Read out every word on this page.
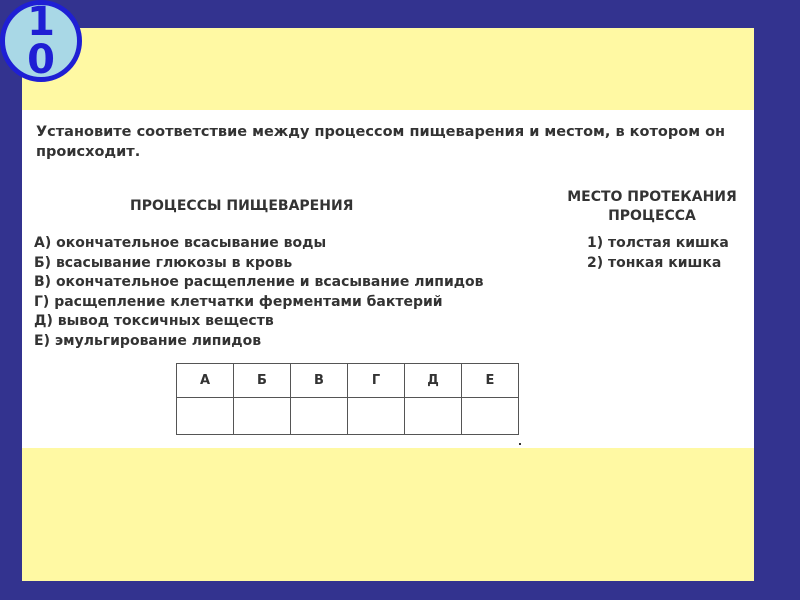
10
Установите соответствие между процессом пищеварения и местом, в котором он происходит.
ПРОЦЕССЫ ПИЩЕВАРЕНИЯ
МЕСТО ПРОТЕКАНИЯ
ПРОЦЕССА
А) окончательное всасывание воды
Б) всасывание глюкозы в кровь
В) окончательное расщепление и всасывание липидов
Г) расщепление клетчатки ферментами бактерий
Д) вывод токсичных веществ
Е) эмульгирование липидов
1) толстая кишка
2) тонкая кишка
А	Б	В	Г	Д	Е
